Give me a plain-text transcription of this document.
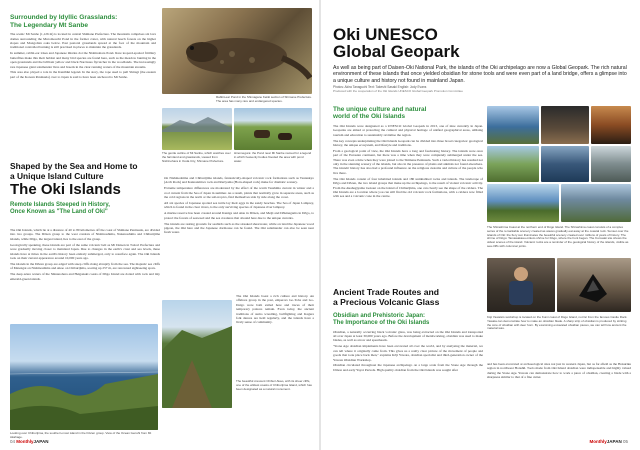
Surrounded by Idyllic Grasslands:
The Legendary Mt Sanbe

The scenic Mt Sanbe (1,126 m) is located in central Shimane Prefecture. The mountain comprises six lava domes surrounding the Muromouchi Pond in the former crater, with natural beech forests on the higher slopes and Mongolian oaks below. Past pastoral grasslands spread at the foot of the mountain and traditional controlled burning is still practised in places to maintain the grasslands.

In summer, rabbit-ear irises and Japanese thistles dot the Nishinohara Pond. Rare leopard-spotted fritillary butterflies make this their habitat and many bird species are found here, such as the meadow bunting in the open grasslands and the brilliant yellow and black Narcissus flycatcher in the woodlands. The increasingly rare Japanese giant salamander lives and breeds in the clear running waters of the mountain streams.

This area also played a role in the Kunibiki legend. In the story, the rope used to pull Shiragi (the eastern part of the Korean Peninsula) over to Japan is said to have been anchored to Mt Sanbe.

Rabbit-ear Pond in the Shimagane Keiiki section of Shimane Prefecture. The area has many rare and endangered species.
The gentle outline of Mt Sanbe, which watches over the farmland and grasslands, viewed from Nishinohara in Ooda City, Shimane Prefecture.
Hinomegura: the Pond near Mt Sanbe named for a legend in which heavenly bodies flooded the area with pond water.
Shaped by the Sea and Home to
a Unique Island Culture
The Oki Islands
Remote Islands Steeped in History,
Once Known as "The Land of Oki"

The Oki Islands, which lie at a distance of 40 to 80 kilometres off the coast of Shimane Peninsula, are divided into two groups. The Dōzen group to the west consists of Nishinoshima, Nakanoshima and Chiburijima islands, while Dōgo, the largest island, lies to the east of the group.

Geologically speaking, these islands are part of the same volcanic belt as Mt Daisen in Tottori Prefecture and were gradually moving closer to mainland Japan. Due to changes in the earth's crust and sea levels, these islands have at times in the earth's history been entirely submerged, only to resurface again. The Oki Islands took on their current appearance around 10,000 years ago.

The islands in the Dōzen group are edged with steep cliffs rising abruptly from the sea. The majestic sea cliffs of Matengai on Nishinoshima and Akao on Chiburijima, soaring up 257 m, are renowned sightseeing spots.

The deep azure waters of the Shinanohara and Heiganaki coasts of Dōgo Island are dotted with rock and tiny emerald-green islands.

On Nishinoshima and Chiburijima islands, fantastically-shaped volcanic rock formations such as Tsutenkyo (Arch Rock) and Kannonmiwa rock and Ruriyama (Horn-shaped rock) make for dramatic scenery.

Extreme temperature differences are moderated by the effect of the warm Tsushima current in winter and a cool current from the Sea of Japan in summer. As a result, plants that normally grow in separate areas, such as the cold regions in the north or the sub-tropics, find themselves side by side along the coast.

All six species of Japanese spotted sea turtle lay their eggs in the sandy beaches. The Sea of Japan Lamprey, which is found in the clear rivers, is the only surviving species of Japanese river lamprey.

A marine reserve has been created around Kuniga and Aisu in Dōzen, and Meiji and Dōkinagama in Dōgo, to protect the forests of seaweed and the sea creatures that abound here due to the unique currents.

The islands are resting grounds for seabirds such as the streaked shearwater, while on land the Japanese wood pigeon, the Oki hare and the Japanese dormouse can be found. The Oki salamander can also be seen near fresh water.

The Oki Islands boast a rich culture and history. An offshore group in the past, emperors Go-Toba and Go-Daigo were both exiled here and traces of their temporary palaces remain. Even today, the ancient traditions of sumo wrestling, bullfighting and Kagura folk dances are held regularly, and the islands have a lively sense of community.

Looking over Chiburijima, the southern-most island in the Dōzen group. View of the Ocean Genshi from Mt Akahage.
The beautiful crescent Chiburi Akao, with its sheer cliffs, one of the wildest coasts of Chiburijima Island, which has been designated as a natural monument.
04 MonthlyJAPAN
Oki UNESCO
Global Geopark

As well as being part of Daisen-Oki National Park, the islands of the Oki archipelago are now a Global Geopark. The rich natural environment of these islands that once yielded obsidian for stone tools and were even part of a land bridge, offers a glimpse into a unique culture and history not found in mainland Japan.

Photos: Akira Tanaguchi Text: Takeshi Sasaki English: Jody Evans
Produced with the cooperation of the Oki Islands UNESCO Global Geopark Promotion Committee
The unique culture and natural
world of the Oki Islands

The Oki Islands were designated as a UNESCO Global Geopark in 2013, one of nine currently in Japan. Geoparks are aimed at protecting the cultural and physical heritage of unified geographical areas, utilising tourism and education to sustainably revitalise the region.

The key concepts underpinning the Oki Islands Geopark can be divided into three broad categories: geological history, the unique ecosystem, and lifestyle and traditions.

From a geological point of view, the Oki Islands have a long and fascinating history. The islands were once part of the Eurasian continent, but there was a time when they were completely submerged under the sea. There was even a time when they were joined to the Shimane Peninsula. Such a varied history has resulted not only in the stunning scenery of the islands, but also in the presence of plants and animals not found elsewhere. The islands' history has also had a profound influence on the religious customs and culture of the people who live there.

The Oki Islands consist of four inhabited islands and 180 uninhabited rocks and islands. The landscape of Dōgo and Dōzen, the two island groups that make up the archipelago, is the result of violent volcanic activity. From the Akahagiyama lookout on the island of Chiburijima, one can clearly see the shape of the caldera. The Oki Islands are a location where you can still find the old volcanic rock formations, with a caldera now filled with sea and a volcanic cone in the centre.

The Shirashima Coast at the northern end of Dōgo Island. The Shirashima coast consists of a complex series of the remarkable scenery created as waves gradually eat away at the coastal rock. Sunset over the islands of Oki: the fiery sun illuminates the beautiful scenery created over millions of years of history. The shrine of Dōgo: Tamawakasu-mikoto shrine for Dōgo, where the hunt began. The Kurosaki site shows the oldest scenes of the island. Volcanic rocks are a reminder of the geological history of the islands, visible as sea cliffs with columnar joints.
Ancient Trade Routes and
a Precious Volcanic Glass
Obsidian and Prehistoric Japan:
The Importance of the Oki Islands

Obsidian, a naturally occurring black volcanic glass, was being extracted on the Oki Islands and transported all over Japan at least 30,000 years ago. Before the development of metalworking, obsidian was used to make blades, as well as arrow and spearheads.

"Stone Age obsidian implements have been excavated all over the world, and by analysing the material, we can tell where it originally came from. This gives us a really clear picture of the movement of people and goods that took place back then," explains Kōji Yawata, obsidian specialist and third-generation owner of the Yawata Obsidian Workshop.

Obsidian circulated throughout the Japanese archipelago on a large scale from the Stone Age through the Jōmon and early Yayoi Periods. High quality obsidian from the Oki Islands was sought after

Kōji Yawata's workshop is located on the Kumi coast of Dōgo Island, not far from the famous Castle Rock. Yawata can demonstrate how to make an obsidian blade. A sharp strip of obsidian is produced by striking the core of obsidian with deer horn. By examining excavated obsidian pieces, we can tell how ancient the material was.

and has been excavated at archaeological sites not just in western Japan, but as far afield as the Hokuriku region in northwest Honshū. Tools made from Oki Island obsidian were indispensable and highly valued during the Stone Age. Yawata can demonstrate how to work a piece of obsidian, creating a blade with a sharpness similar to that of a fine cutter.

MonthlyJAPAN 05
